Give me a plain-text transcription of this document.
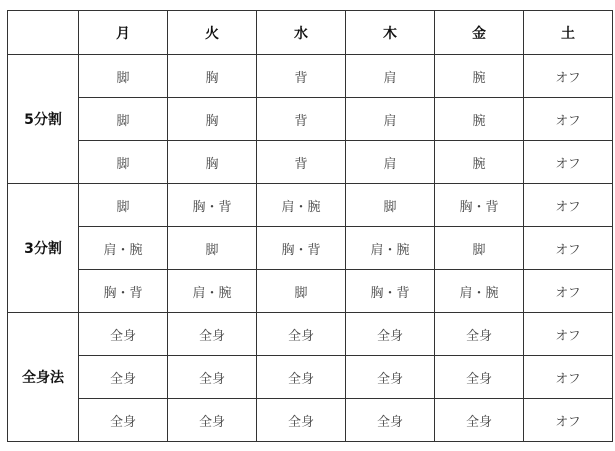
	月	火	水	木	金	土
5分割	脚	胸	背	肩	腕	オフ
	脚	胸	背	肩	腕	オフ
	脚	胸	背	肩	腕	オフ
3分割	脚	胸・背	肩・腕	脚	胸・背	オフ
	肩・腕	脚	胸・背	肩・腕	脚	オフ
	胸・背	肩・腕	脚	胸・背	肩・腕	オフ
全身法	全身	全身	全身	全身	全身	オフ
	全身	全身	全身	全身	全身	オフ
	全身	全身	全身	全身	全身	オフ
